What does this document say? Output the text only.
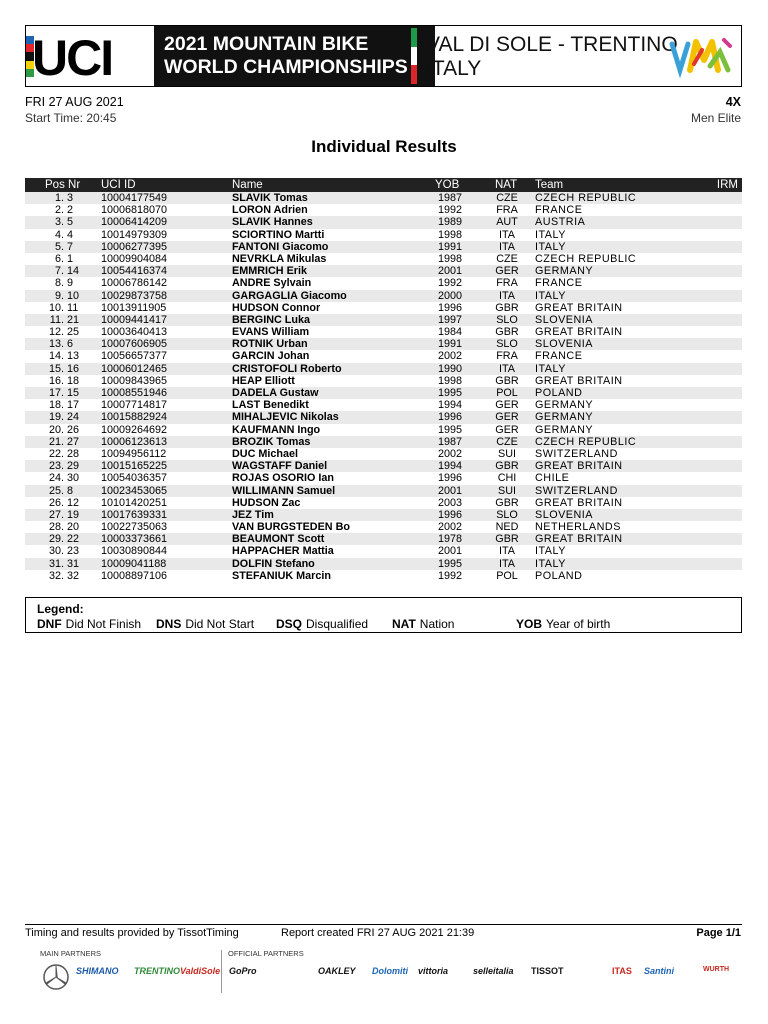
UCI	2021 MOUNTAIN BIKE
WORLD CHAMPIONSHIPS
VAL DI SOLE - TRENTINO
ITALY
FRI 27 AUG 2021
Start Time: 20:45
4X
Men Elite
Individual Results
Pos Nr UCI ID	Name	YOB	NAT Team	IRM
1. 3	10004177549	SLAVIK Tomas	1987	CZE	CZECH REPUBLIC
2. 2	10006818070	LORON Adrien	1992	FRA	FRANCE
3. 5	10006414209	SLAVIK Hannes	1989	AUT	AUSTRIA
4. 4	10014979309	SCIORTINO Martti	1998	ITA	ITALY
5. 7	10006277395	FANTONI Giacomo	1991	ITA	ITALY
6. 1	10009904084	NEVRKLA Mikulas	1998	CZE	CZECH REPUBLIC
7. 14	10054416374	EMMRICH Erik	2001	GER	GERMANY
8. 9	10006786142	ANDRE Sylvain	1992	FRA	FRANCE
9. 10	10029873758	GARGAGLIA Giacomo	2000	ITA	ITALY
10. 11	10013911905	HUDSON Connor	1996	GBR	GREAT BRITAIN
11. 21	10009441417	BERGINC Luka	1997	SLO	SLOVENIA
12. 25	10003640413	EVANS William	1984	GBR	GREAT BRITAIN
13. 6	10007606905	ROTNIK Urban	1991	SLO	SLOVENIA
14. 13	10056657377	GARCIN Johan	2002	FRA	FRANCE
15. 16	10006012465	CRISTOFOLI Roberto	1990	ITA	ITALY
16. 18	10009843965	HEAP Elliott	1998	GBR	GREAT BRITAIN
17. 15	10008551946	DADELA Gustaw	1995	POL	POLAND
18. 17	10007714817	LAST Benedikt	1994	GER	GERMANY
19. 24	10015882924	MIHALJEVIC Nikolas	1996	GER	GERMANY
20. 26	10009264692	KAUFMANN Ingo	1995	GER	GERMANY
21. 27	10006123613	BROZIK Tomas	1987	CZE	CZECH REPUBLIC
22. 28	10094956112	DUC Michael	2002	SUI	SWITZERLAND
23. 29	10015165225	WAGSTAFF Daniel	1994	GBR	GREAT BRITAIN
24. 30	10054036357	ROJAS OSORIO Ian	1996	CHI	CHILE
25. 8	10023453065	WILLIMANN Samuel	2001	SUI	SWITZERLAND
26. 12	10101420251	HUDSON Zac	2003	GBR	GREAT BRITAIN
27. 19	10017639331	JEZ Tim	1996	SLO	SLOVENIA
28. 20	10022735063	VAN BURGSTEDEN Bo	2002	NED	NETHERLANDS
29. 22	10003373661	BEAUMONT Scott	1978	GBR	GREAT BRITAIN
30. 23	10030890844	HAPPACHER Mattia	2001	ITA	ITALY
31. 31	10009041188	DOLFIN Stefano	1995	ITA	ITALY
32. 32	10008897106	STEFANIUK Marcin	1992	POL	POLAND
Legend:
DNF Did Not Finish DNS Did Not Start DSQ Disqualified NAT Nation	YOB Year of birth
Timing and results provided by TissotTiming	Report created FRI 27 AUG 2021 21:39	Page 1/1
MAIN PARTNERS	OFFICIAL PARTNERS
SHIMANO TRENTINO ValdiSole GoPro	OAKLEY Dolomiti vittoria	selleitalia TISSOT	ITAS Santini	WURTH
